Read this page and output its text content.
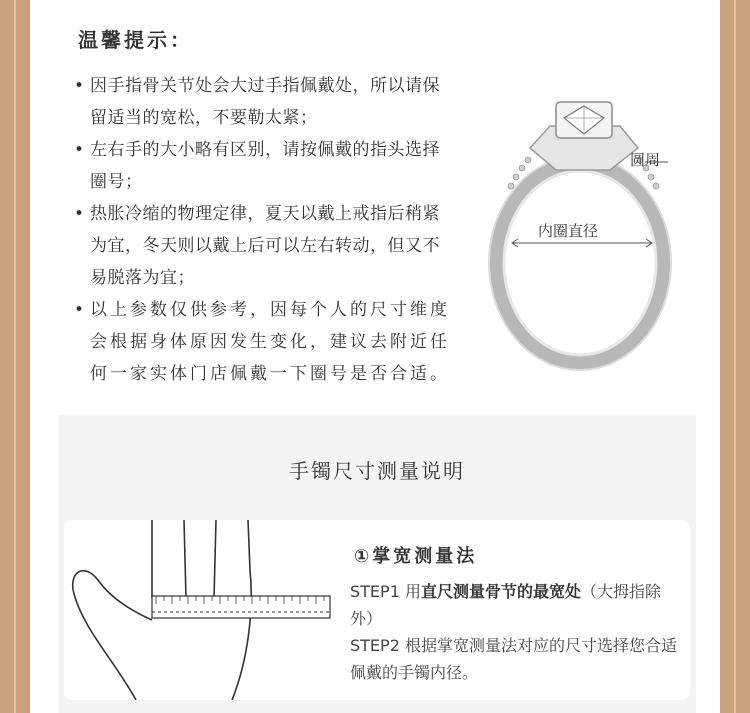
温馨提示：
• 因手指骨关节处会大过手指佩戴处，所以请保留适当的宽松，不要勒太紧；
• 左右手的大小略有区别，请按佩戴的指头选择圈号；
• 热胀冷缩的物理定律，夏天以戴上戒指后稍紧为宜，冬天则以戴上后可以左右转动，但又不易脱落为宜；
• 以上参数仅供参考，因每个人的尺寸维度会根据身体原因发生变化，建议去附近任何一家实体门店佩戴一下圈号是否合适。
圆周
内圈直径
手镯尺寸测量说明
①掌宽测量法
STEP1 用直尺测量骨节的最宽处（大拇指除外）
STEP2 根据掌宽测量法对应的尺寸选择您合适佩戴的手镯内径。
